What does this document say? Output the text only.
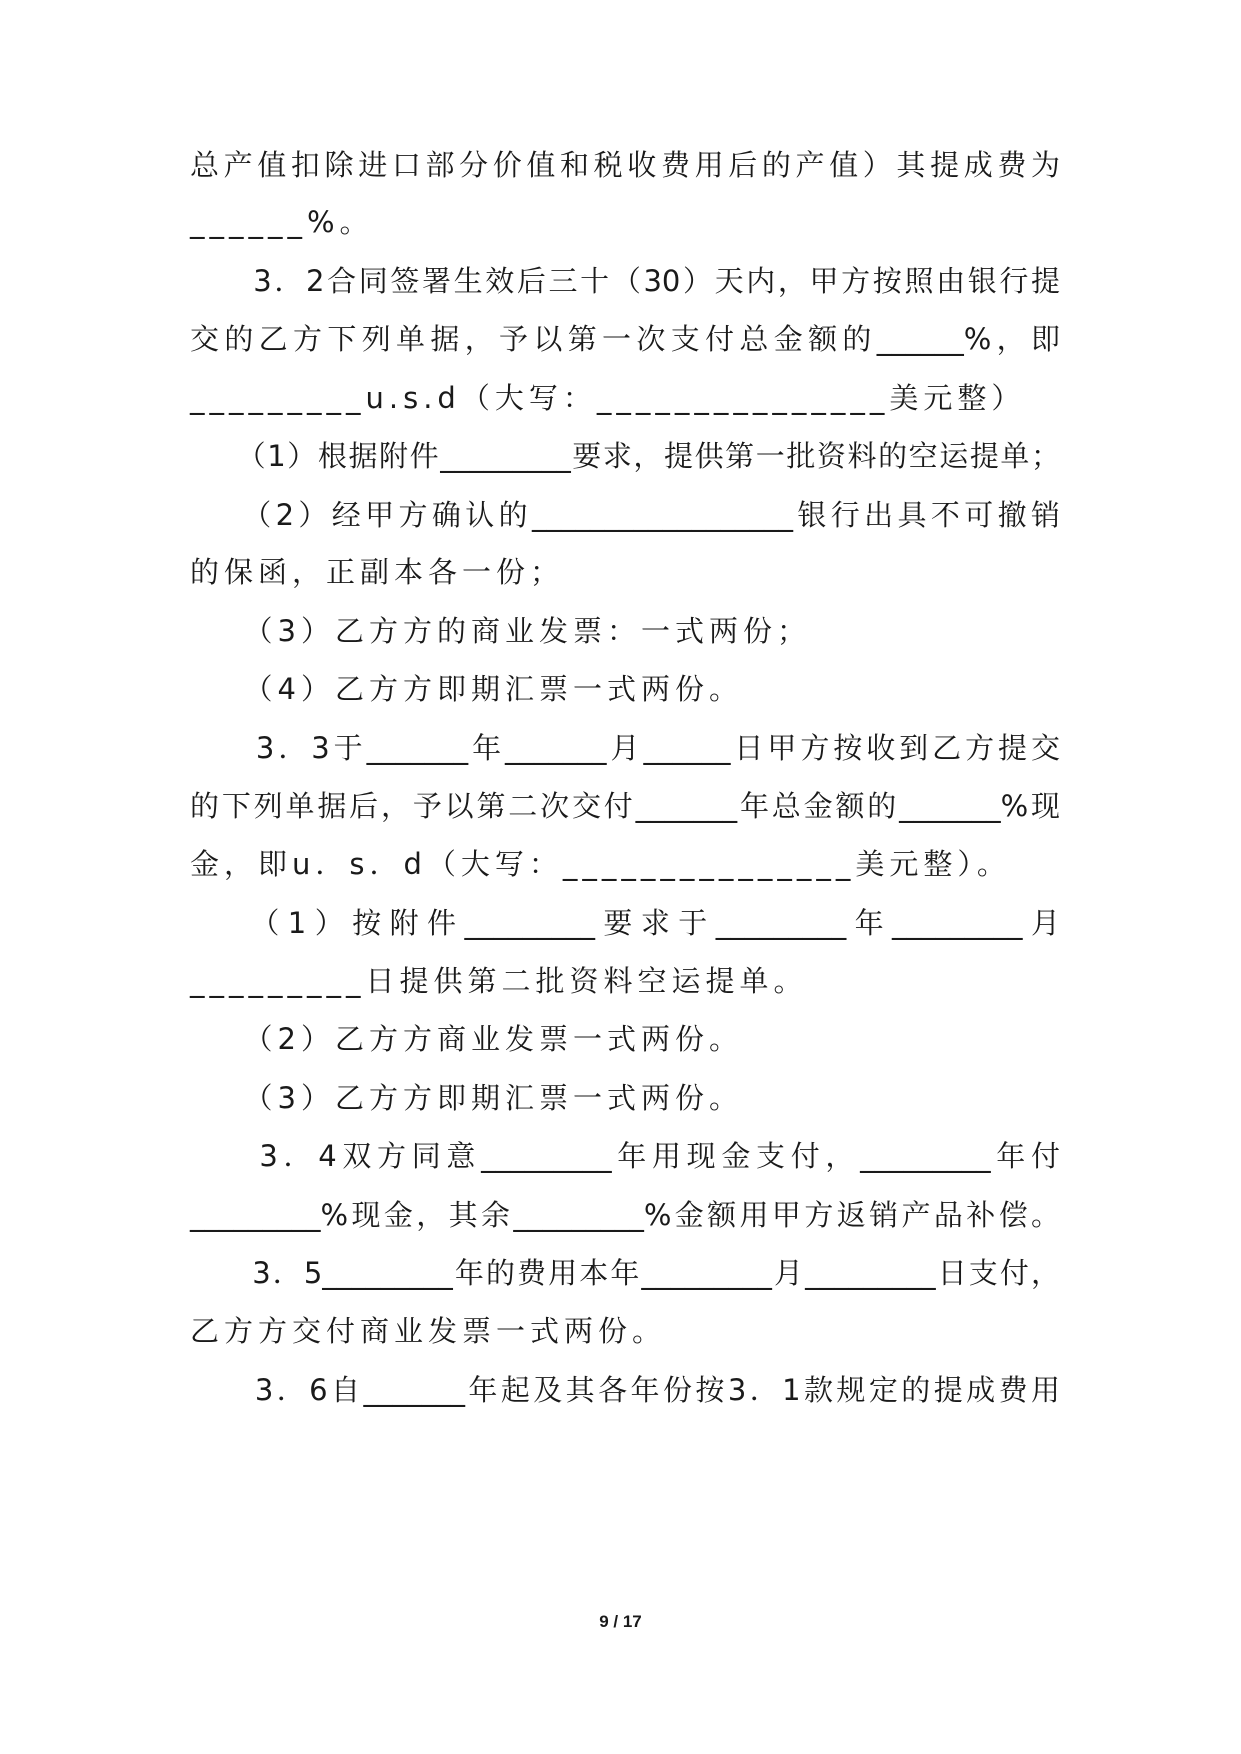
总产值扣除进口部分价值和税收费用后的产值）其提成费为
______%。
　　3．2合同签署生效后三十（30）天内，甲方按照由银行提
交的乙方下列单据，予以第一次支付总金额的______%，即
_________u.s.d（大写：_______________美元整）
　　（1）根据附件_________要求，提供第一批资料的空运提单；
　　（2）经甲方确认的__________________银行出具不可撤销
的保函，正副本各一份；
　　（3）乙方方的商业发票：一式两份；
　　（4）乙方方即期汇票一式两份。
　　3．3于_______年_______月______日甲方按收到乙方提交
的下列单据后，予以第二次交付_______年总金额的_______%现
金，即u．s．d（大写：_______________美元整）。
　　（1）按附件_________要求于_________年_________月
_________日提供第二批资料空运提单。
　　（2）乙方方商业发票一式两份。
　　（3）乙方方即期汇票一式两份。
　　3．4双方同意_________年用现金支付，_________年付
_________%现金，其余_________%金额用甲方返销产品补偿。
　　3．5_________年的费用本年_________月_________日支付，
乙方方交付商业发票一式两份。
　　3．6自_______年起及其各年份按3．1款规定的提成费用
9 / 17
